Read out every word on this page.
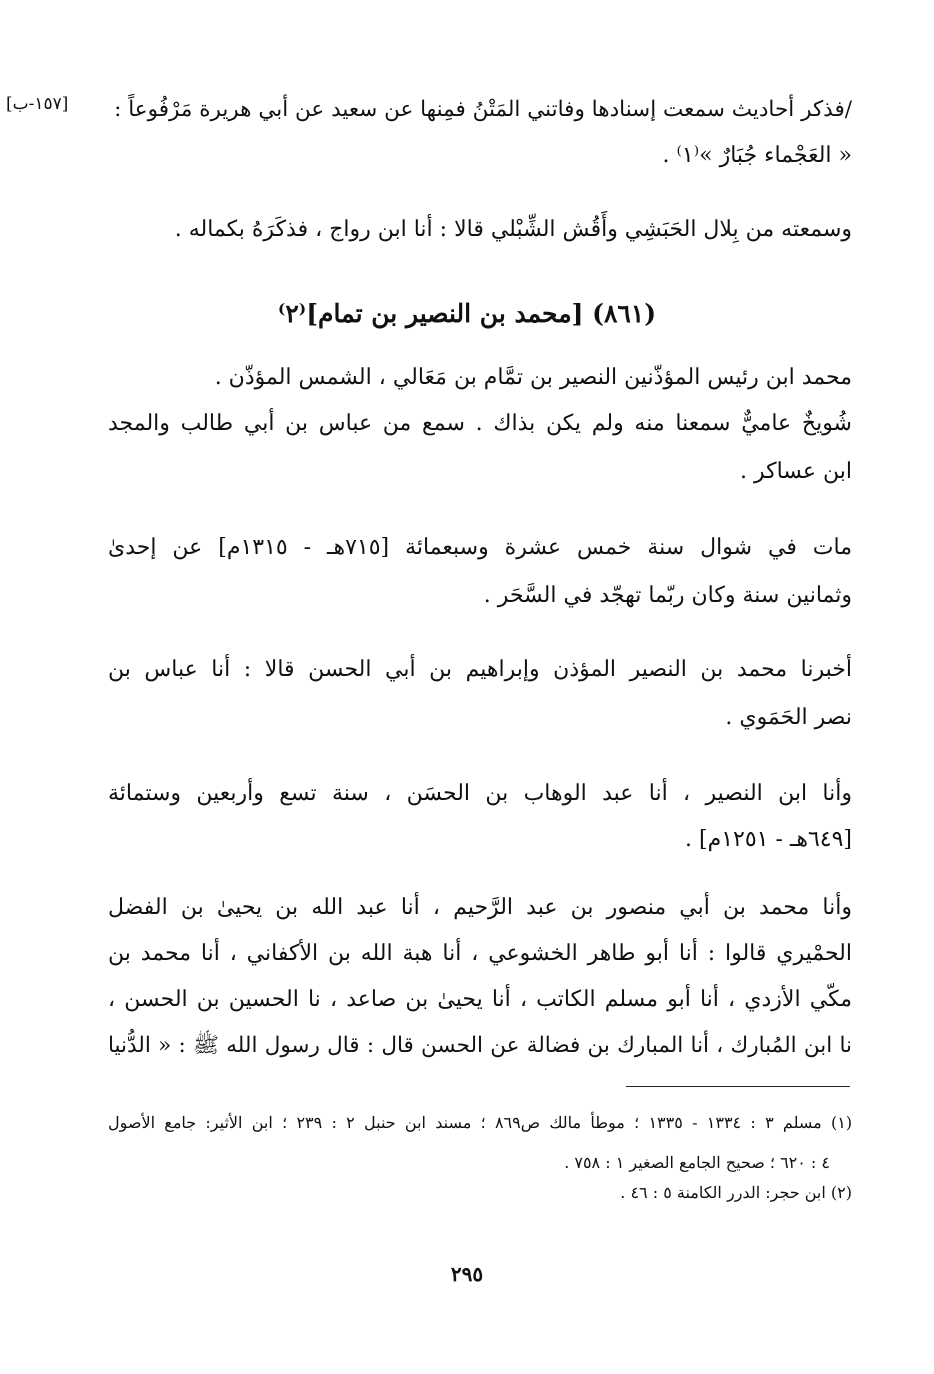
[١٥٧-ب] /فذكر أحاديث سمعت إسنادها وفاتني المَتْنُ فمِنها عن سعيد عن أبي هريرة مَرْفُوعاً :
« العَجْماء جُبَارٌ »⁽١⁾ .
وسمعته من بِلال الحَبَشِي وأَقُش الشِّبْلي قالا : أنا ابن رواج ، فذكَرَهُ بكماله .
(٨٦١) [محمد بن النصير بن تمام]⁽٢⁾
محمد ابن رئيس المؤذّنين النصير بن تمَّام بن مَعَالي ، الشمس المؤذّن .
شُويخٌ عاميٌّ سمعنا منه ولم يكن بذاك . سمع من عباس بن أبي طالب والمجد
ابن عساكر .
مات في شوال سنة خمس عشرة وسبعمائة [٧١٥هـ - ١٣١٥م] عن إحدىٰ
وثمانين سنة وكان ربّما تهجّد في السَّحَر .
أخبرنا محمد بن النصير المؤذن وإبراهيم بن أبي الحسن قالا : أنا عباس بن
نصر الحَمَوي .
وأنا ابن النصير ، أنا عبد الوهاب بن الحسَن ، سنة تسع وأربعين وستمائة
[٦٤٩هـ - ١٢٥١م] .
وأنا محمد بن أبي منصور بن عبد الرَّحيم ، أنا عبد الله بن يحيىٰ بن الفضل
الحمْيري قالوا : أنا أبو طاهر الخشوعي ، أنا هبة الله بن الأكفاني ، أنا محمد بن
مكّي الأزدي ، أنا أبو مسلم الكاتب ، أنا يحيىٰ بن صاعد ، نا الحسين بن الحسن ،
نا ابن المُبارك ، أنا المبارك بن فضالة عن الحسن قال : قال رسول الله ﷺ : « الدُّنيا
(١) مسلم ٣ : ١٣٣٤ - ١٣٣٥ ؛ موطأ مالك ص٨٦٩ ؛ مسند ابن حنبل ٢ : ٢٣٩ ؛ ابن الأثير: جامع الأصول
٤ : ٦٢٠ ؛ صحيح الجامع الصغير ١ : ٧٥٨ .
(٢) ابن حجر: الدرر الكامنة ٥ : ٤٦ .
٢٩٥
